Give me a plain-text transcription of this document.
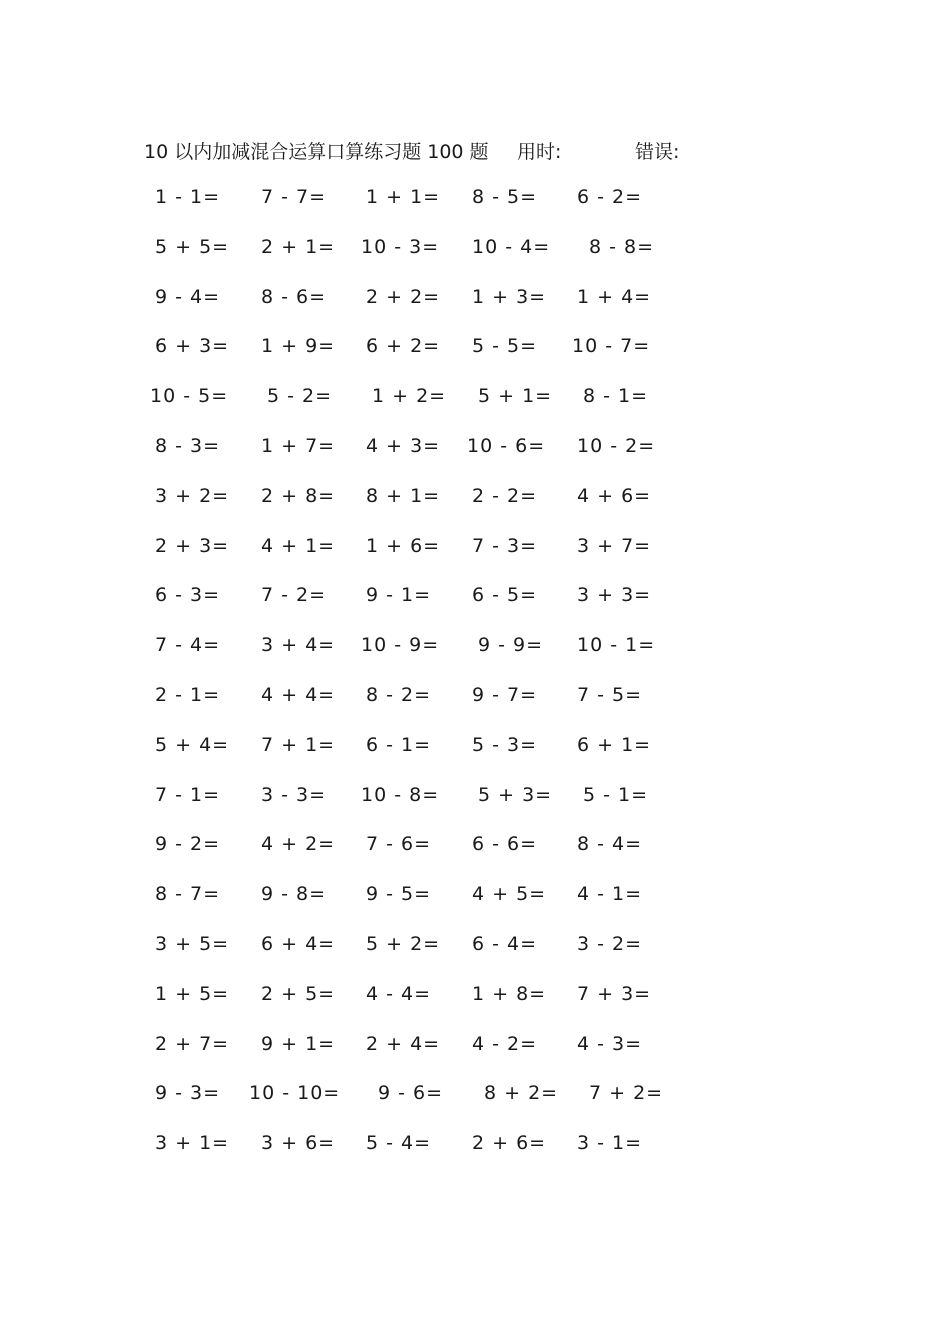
10 以内加减混合运算口算练习题 100 题 用时:	错误:
1 - 1= 7 - 7= 1 + 1= 8 - 5= 6 - 2=
5 + 5= 2 + 1= 10 - 3= 10 - 4= 8 - 8=
9 - 4= 8 - 6= 2 + 2= 1 + 3= 1 + 4=
6 + 3= 1 + 9= 6 + 2= 5 - 5= 10 - 7=
10 - 5= 5 - 2= 1 + 2= 5 + 1= 8 - 1=
8 - 3= 1 + 7= 4 + 3= 10 - 6= 10 - 2=
3 + 2= 2 + 8= 8 + 1= 2 - 2= 4 + 6=
2 + 3= 4 + 1= 1 + 6= 7 - 3= 3 + 7=
6 - 3= 7 - 2= 9 - 1= 6 - 5= 3 + 3=
7 - 4= 3 + 4= 10 - 9= 9 - 9= 10 - 1=
2 - 1= 4 + 4= 8 - 2= 9 - 7= 7 - 5=
5 + 4= 7 + 1= 6 - 1= 5 - 3= 6 + 1=
7 - 1= 3 - 3= 10 - 8= 5 + 3= 5 - 1=
9 - 2= 4 + 2= 7 - 6= 6 - 6= 8 - 4=
8 - 7= 9 - 8= 9 - 5= 4 + 5= 4 - 1=
3 + 5= 6 + 4= 5 + 2= 6 - 4= 3 - 2=
1 + 5= 2 + 5= 4 - 4= 1 + 8= 7 + 3=
2 + 7= 9 + 1= 2 + 4= 4 - 2= 4 - 3=
9 - 3= 10 - 10= 9 - 6= 8 + 2= 7 + 2=
3 + 1= 3 + 6= 5 - 4= 2 + 6= 3 - 1=
